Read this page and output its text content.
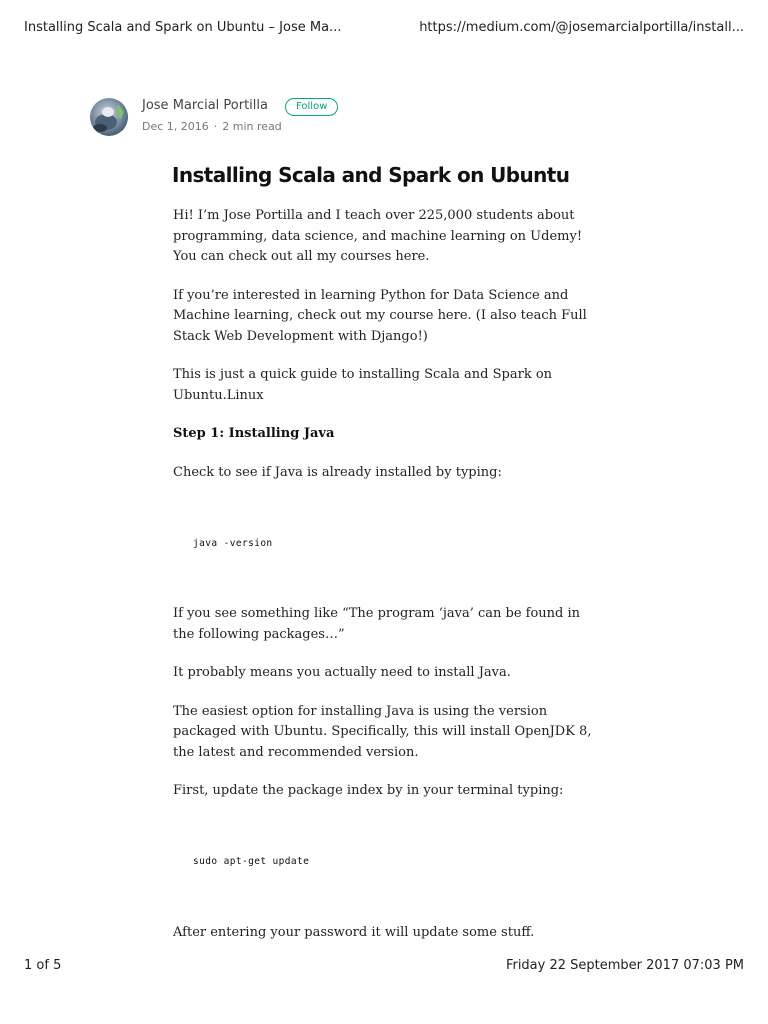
Installing Scala and Spark on Ubuntu – Jose Ma...	https://medium.com/@josemarcialportilla/install...
Jose Marcial Portilla	Follow
Dec 1, 2016 · 2 min read
Installing Scala and Spark on Ubuntu

Hi! I’m Jose Portilla and I teach over 225,000 students about programming, data science, and machine learning on Udemy! You can check out all my courses here.

If you’re interested in learning Python for Data Science and Machine learning, check out my course here. (I also teach Full Stack Web Development with Django!)

This is just a quick guide to installing Scala and Spark on Ubuntu.Linux

Step 1: Installing Java

Check to see if Java is already installed by typing:

java -version

If you see something like “The program ‘java’ can be found in the following packages…”

It probably means you actually need to install Java.

The easiest option for installing Java is using the version packaged with Ubuntu. Specifically, this will install OpenJDK 8, the latest and recommended version.

First, update the package index by in your terminal typing:

sudo apt-get update

After entering your password it will update some stuff.

1 of 5	Friday 22 September 2017 07:03 PM
